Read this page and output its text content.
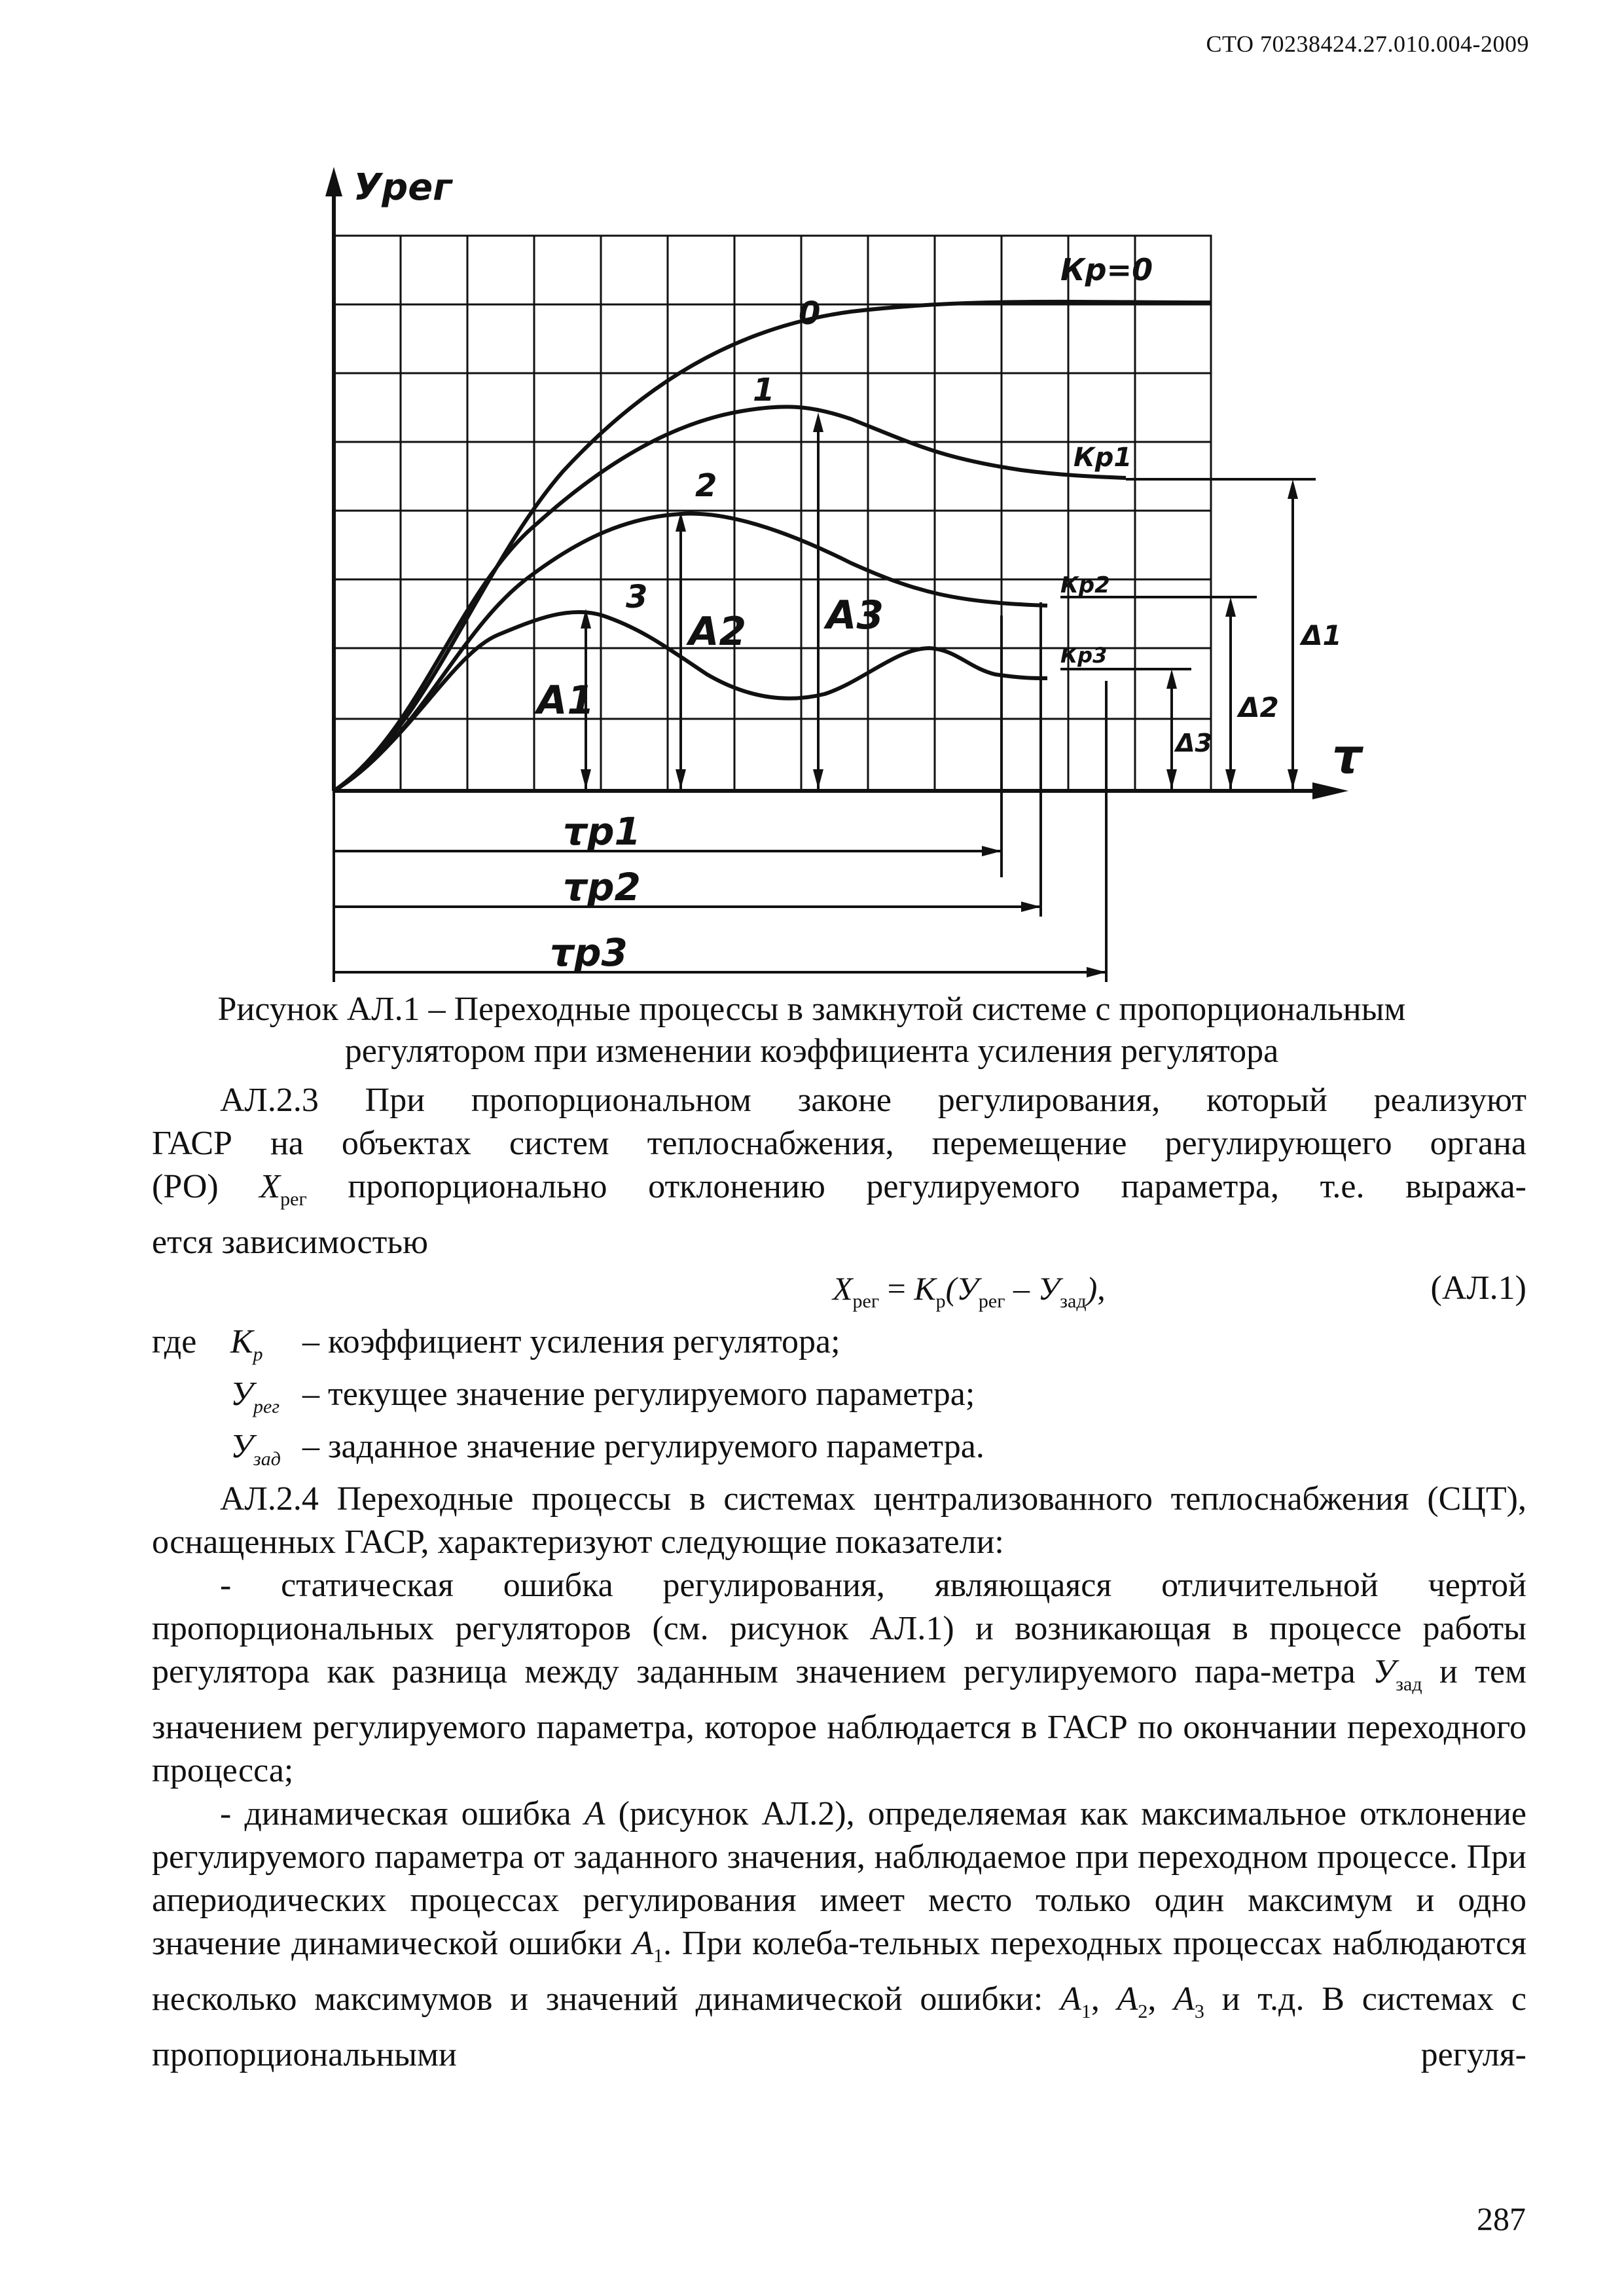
СТО 70238424.27.010.004-2009
Урег
τ
0
1
2
3
Кр=0
Кр1
Кр2
Кр3
А1
А2 А3	Δ1
Δ2
Δ3
τр1
τр2
τр3
Рисунок АЛ.1 – Переходные процессы в замкнутой системе с пропорциональным
регулятором при изменении коэффициента усиления регулятора

АЛ.2.3 При пропорциональном законе регулирования, который реализуют

ГАСР на объектах систем теплоснабжения, перемещение регулирующего органа

(РО) $Х_{рег}$ пропорционально отклонению регулируемого параметра, т.е. выража-

ется зависимостью

$Х_{рег} = К_р(У_{рег} - У_{зад})$,	(АЛ.1)
где $К_р$	– коэффициент усиления регулятора;
$У_{рег}$ – текущее значение регулируемого параметра;
$У_{зад}$ – заданное значение регулируемого параметра.

АЛ.2.4 Переходные процессы в системах централизованного теплоснабжения (СЦТ), оснащенных ГАСР, характеризуют следующие показатели:

- статическая ошибка регулирования, являющаяся отличительной чертой пропорциональных регуляторов (см. рисунок АЛ.1) и возникающая в процессе работы регулятора как разница между заданным значением регулируемого пара-метра $У_{зад}$ и тем значением регулируемого параметра, которое наблюдается в ГАСР по окончании переходного процесса;

- динамическая ошибка А (рисунок АЛ.2), определяемая как максимальное отклонение регулируемого параметра от заданного значения, наблюдаемое при переходном процессе. При апериодических процессах регулирования имеет место только один максимум и одно значение динамической ошибки $А_1$. При колеба-тельных переходных процессах наблюдаются несколько максимумов и значений динамической ошибки: $А_1$, $А_2$, $А_3$ и т.д. В системах с пропорциональными регуля-

287
